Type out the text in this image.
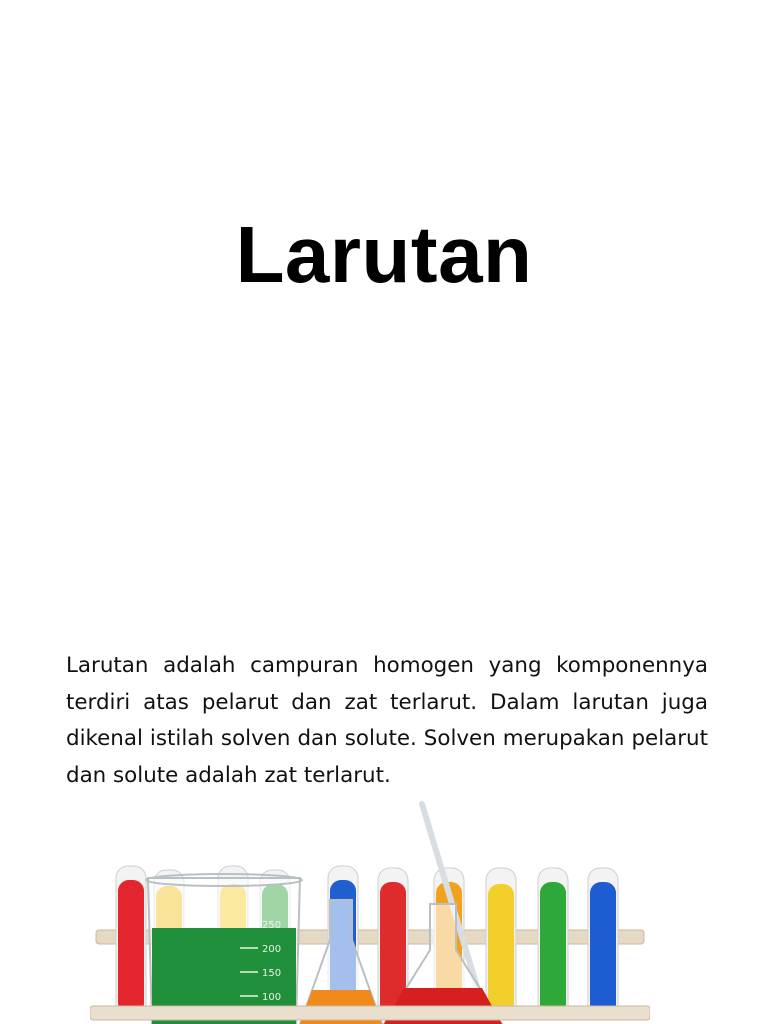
Larutan

Larutan adalah campuran homogen yang komponennya terdiri atas pelarut dan zat terlarut. Dalam larutan juga dikenal istilah solven dan solute. Solven merupakan pelarut dan solute adalah zat terlarut.

250
200
150
100
